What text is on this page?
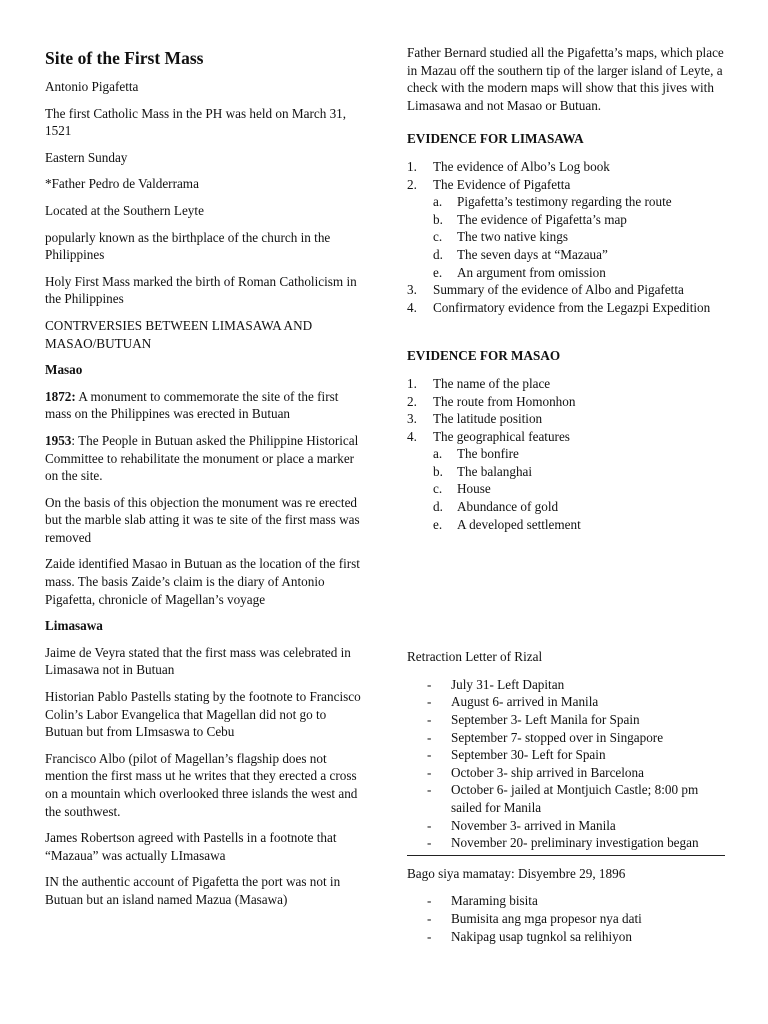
Site of the First Mass

Antonio Pigafetta

The first Catholic Mass in the PH was held on March 31, 1521

Eastern Sunday

*Father Pedro de Valderrama

Located at the Southern Leyte

popularly known as the birthplace of the church in the Philippines

Holy First Mass marked the birth of Roman Catholicism in the Philippines

CONTRVERSIES BETWEEN LIMASAWA AND MASAO/BUTUAN

Masao

1872: A monument to commemorate the site of the first mass on the Philippines was erected in Butuan

1953: The People in Butuan asked the Philippine Historical Committee to rehabilitate the monument or place a marker on the site.

On the basis of this objection the monument was re erected but the marble slab atting it was te site of the first mass was removed

Zaide identified Masao in Butuan as the location of the first mass. The basis Zaide’s claim is the diary of Antonio Pigafetta, chronicle of Magellan’s voyage

Limasawa

Jaime de Veyra stated that the first mass was celebrated in Limasawa not in Butuan

Historian Pablo Pastells stating by the footnote to Francisco Colin’s Labor Evangelica that Magellan did not go to Butuan but from LImsaswa to Cebu

Francisco Albo (pilot of Magellan’s flagship does not mention the first mass ut he writes that they erected a cross on a mountain which overlooked three islands the west and the southwest.

James Robertson agreed with Pastells in a footnote that “Mazaua” was actually LImasawa

IN the authentic account of Pigafetta the port was not in Butuan but an island named Mazua (Masawa)

Father Bernard studied all the Pigafetta’s maps, which place in Mazau off the southern tip of the larger island of Leyte, a check with the modern maps will show that this jives with Limasawa and not Masao or Butuan.

EVIDENCE FOR LIMASAWA

1.	The evidence of Albo’s Log book
2.	The Evidence of Pigafetta
a.	Pigafetta’s testimony regarding the route
b.	The evidence of Pigafetta’s map
c.	The two native kings
d.	The seven days at “Mazaua”
e.	An argument from omission
3.	Summary of the evidence of Albo and Pigafetta
4.	Confirmatory evidence from the Legazpi Expedition

EVIDENCE FOR MASAO

1.	The name of the place
2.	The route from Homonhon
3.	The latitude position
4.	The geographical features
a.	The bonfire
b.	The balanghai
c.	House
d.	Abundance of gold
e.	A developed settlement

Retraction Letter of Rizal

-	July 31- Left Dapitan
-	August 6- arrived in Manila
-	September 3- Left Manila for Spain
-	September 7- stopped over in Singapore
-	September 30- Left for Spain
-	October 3- ship arrived in Barcelona
-	October 6- jailed at Montjuich Castle; 8:00 pm sailed for Manila
-	November 3- arrived in Manila
-	November 20- preliminary investigation began

Bago siya mamatay: Disyembre 29, 1896

-	Maraming bisita
-	Bumisita ang mga propesor nya dati
-	Nakipag usap tugnkol sa relihiyon
